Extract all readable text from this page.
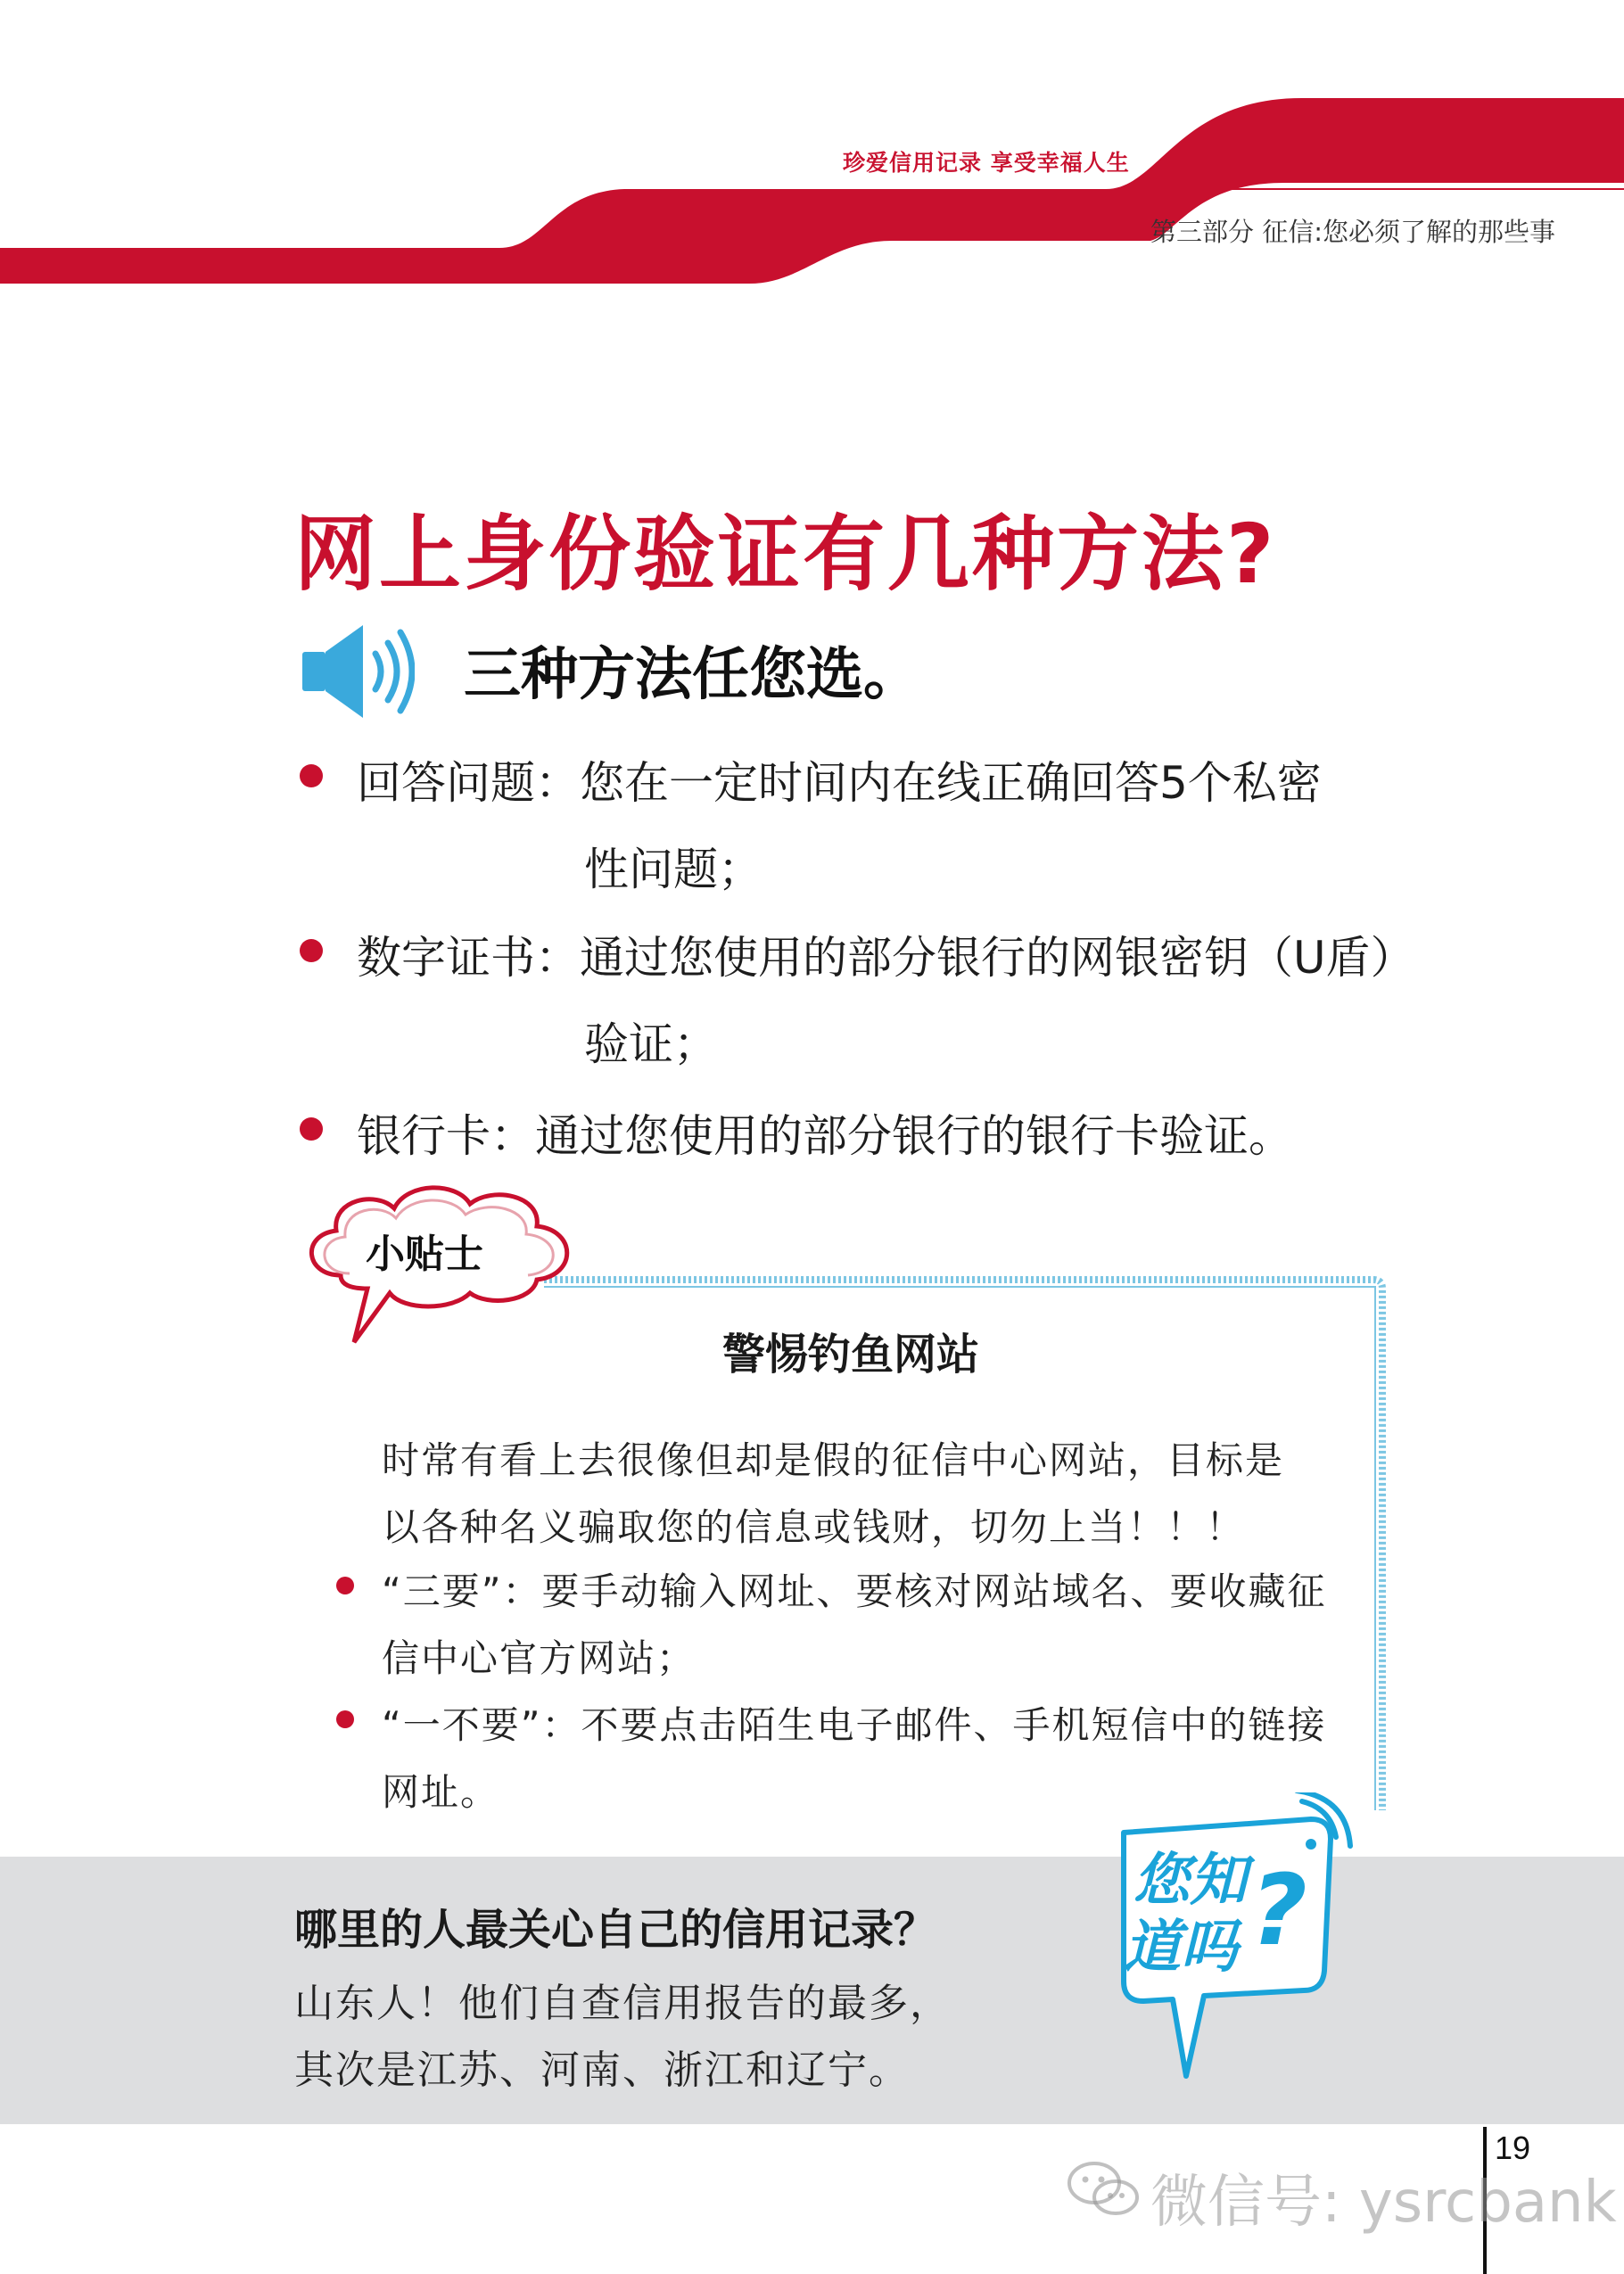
珍爱信用记录 享受幸福人生
第三部分 征信:您必须了解的那些事
网上身份验证有几种方法?
三种方法任您选。
回答问题：您在一定时间内在线正确回答5个私密
性问题；
数字证书：通过您使用的部分银行的网银密钥（U盾）
验证；
银行卡：通过您使用的部分银行的银行卡验证。
小贴士
警惕钓鱼网站
时常有看上去很像但却是假的征信中心网站，目标是
以各种名义骗取您的信息或钱财，切勿上当！！！
“三要”：要手动输入网址、要核对网站域名、要收藏征
信中心官方网站；
“一不要”：不要点击陌生电子邮件、手机短信中的链接
网址。
哪里的人最关心自己的信用记录？
山东人！他们自查信用报告的最多，
其次是江苏、河南、浙江和辽宁。
您知
道吗 ?
19
微信号: ysrcbank
